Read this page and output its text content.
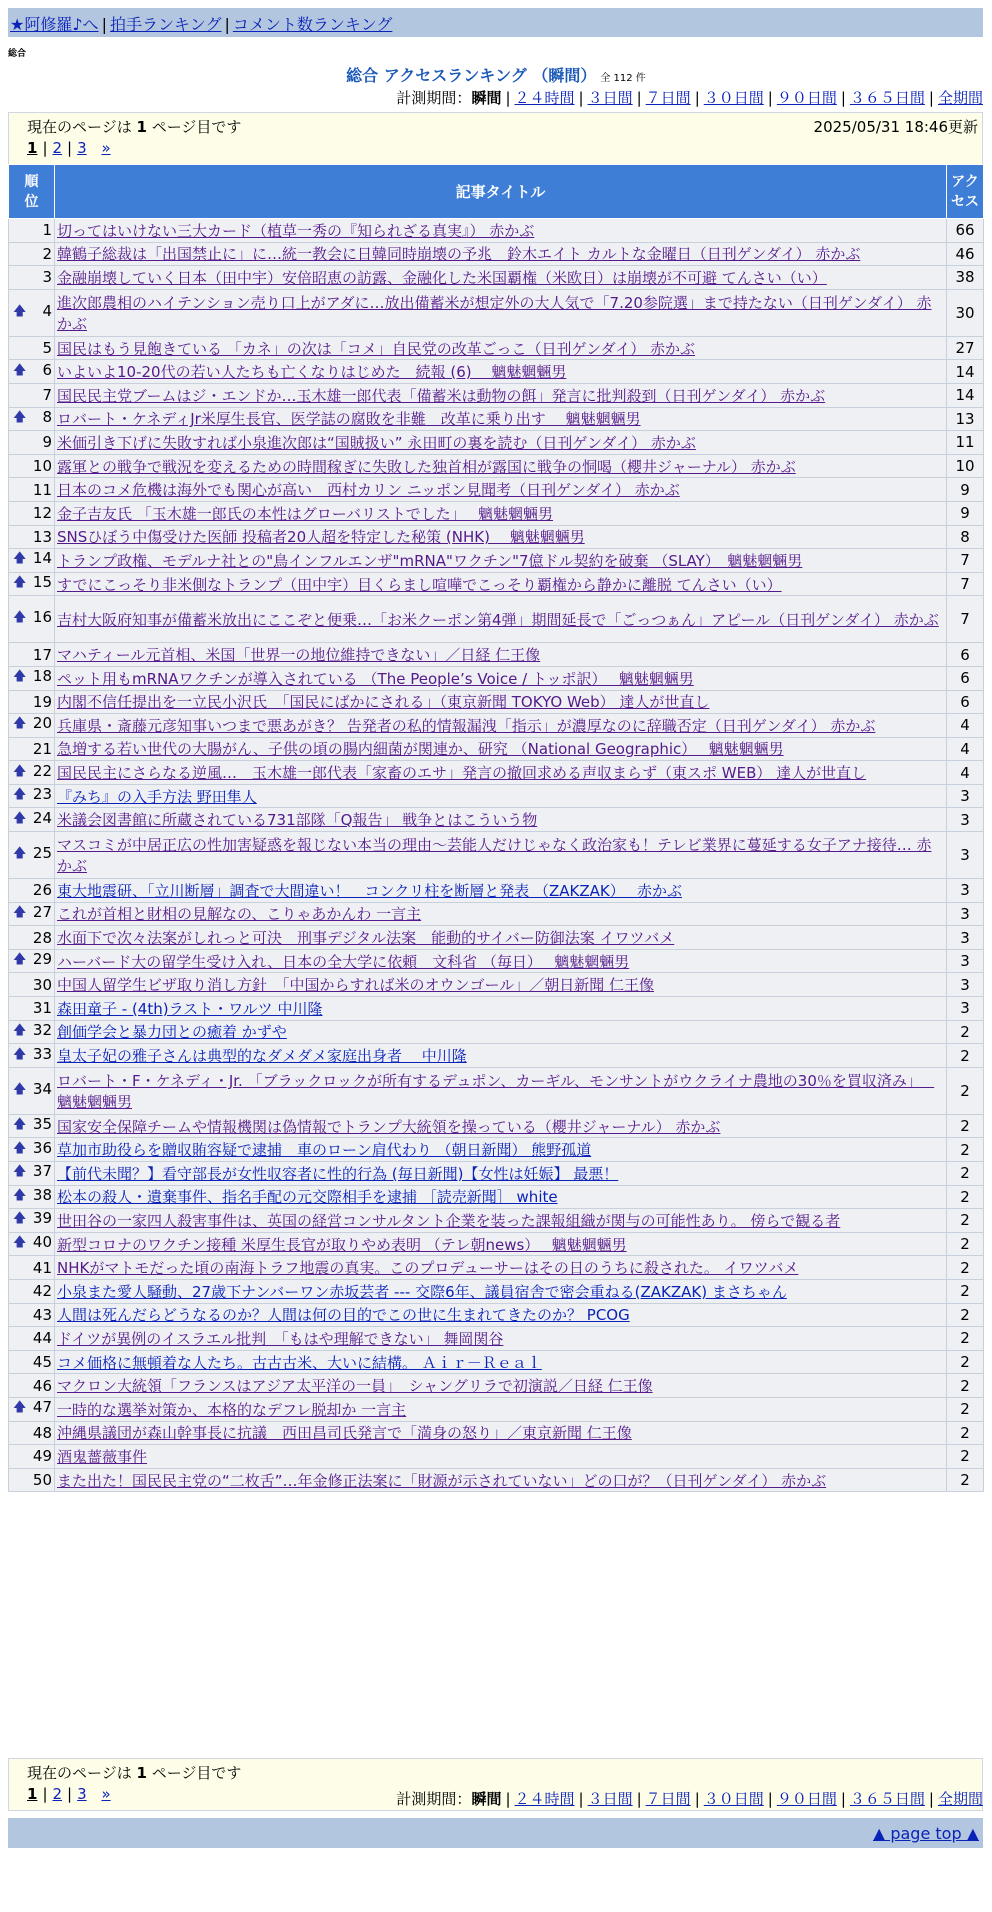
★阿修羅♪へ | 拍手ランキング | コメント数ランキング
総合
総合 アクセスランキング （瞬間） 全 112 件
計測期間：瞬間 | ２４時間 | ３日間 | ７日間 | ３０日間 | ９０日間 | ３６５日間 | 全期間
現在のページは 1 ページ目です	2025/05/31 18:46更新
1 | 2 | 3 »
順位	記事タイトル	アクセス
1	切ってはいけない三大カード（植草一秀の『知られざる真実』） 赤かぶ	66
2	韓鶴子総裁は「出国禁止に」に…統一教会に日韓同時崩壊の予兆　鈴木エイト カルトな金曜日（日刊ゲンダイ） 赤かぶ	46
3	金融崩壊していく日本（田中宇）安倍昭恵の訪露、金融化した米国覇権（米欧日）は崩壊が不可避 てんさい（い）	38

🡅 4	進次郎農相のハイテンション売り口上がアダに…放出備蓄米が想定外の大人気で「7.20参院選」まで持たない（日刊ゲンダイ） 赤かぶ	30
5	国民はもう見飽きている 「カネ」の次は「コメ」自民党の改革ごっこ（日刊ゲンダイ） 赤かぶ	27

🡅 6	いよいよ10-20代の若い人たちも亡くなりはじめた　続報 (6)　 魑魅魍魎男	14
7	国民民主党ブームはジ・エンドか…玉木雄一郎代表「備蓄米は動物の餌」発言に批判殺到（日刊ゲンダイ） 赤かぶ	14

🡅 8	ロバート・ケネディJr米厚生長官、医学誌の腐敗を非難　改革に乗り出す　 魑魅魍魎男	13
9	米価引き下げに失敗すれば小泉進次郎は“国賊扱い” 永田町の裏を読む（日刊ゲンダイ） 赤かぶ	11
10	露軍との戦争で戦況を変えるための時間稼ぎに失敗した独首相が露国に戦争の恫喝（櫻井ジャーナル） 赤かぶ	10
11	日本のコメ危機は海外でも関心が高い　西村カリン ニッポン見聞考（日刊ゲンダイ） 赤かぶ	9
12	金子吉友氏 「玉木雄一郎氏の本性はグローバリストでした」　 魑魅魍魎男	9
13	SNSひぼう中傷受けた医師 投稿者20人超を特定した秘策 (NHK)　 魑魅魍魎男	8

🡅 14	トランプ政権、モデルナ社との"鳥インフルエンザ"mRNA"ワクチン"7億ドル契約を破棄 （SLAY）　魑魅魍魎男	7

🡅 15	すでにこっそり非米側なトランプ（田中宇）目くらまし喧嘩でこっそり覇権から静かに離脱 てんさい（い）	7

🡅 16	吉村大阪府知事が備蓄米放出にここぞと便乗…「お米クーポン第4弾」期間延長で「ごっつぁん」アピール（日刊ゲンダイ） 赤かぶ	7
17	マハティール元首相、米国「世界一の地位維持できない」／日経 仁王像	6

🡅 18	ペット用もmRNAワクチンが導入されている （The People’s Voice / トッポ訳）　 魑魅魍魎男	6
19	内閣不信任提出を一立民小沢氏　「国民にばかにされる」（東京新聞 TOKYO Web） 達人が世直し	6

🡅 20	兵庫県・斎藤元彦知事いつまで悪あがき？ 告発者の私的情報漏洩「指示」が濃厚なのに辞職否定（日刊ゲンダイ） 赤かぶ	4
21	急増する若い世代の大腸がん、子供の頃の腸内細菌が関連か、研究 （National Geographic）　 魑魅魍魎男	4

🡅 22	国民民主にさらなる逆風…　玉木雄一郎代表「家畜のエサ」発言の撤回求める声収まらず（東スポ WEB） 達人が世直し	4

🡅 23	『みち』の入手方法 野田隼人	3

🡅 24	米議会図書館に所蔵されている731部隊「Q報告」 戦争とはこういう物	3

🡅 25	マスコミが中居正広の性加害疑惑を報じない本当の理由〜芸能人だけじゃなく政治家も！テレビ業界に蔓延する女子アナ接待… 赤かぶ	3
26	東大地震研、「立川断層」調査で大間違い！　コンクリ柱を断層と発表 （ZAKZAK）　 赤かぶ	3

🡅 27	これが首相と財相の見解なの、こりゃあかんわ 一言主	3
28	水面下で次々法案がしれっと可決　刑事デジタル法案　能動的サイバー防御法案 イワツバメ	3

🡅 29	ハーバード大の留学生受け入れ、日本の全大学に依頼　文科省 （毎日）　 魑魅魍魎男	3
30	中国人留学生ビザ取り消し方針　「中国からすれば米のオウンゴール」／朝日新聞 仁王像	3
31	森田童子 - (4th)ラスト・ワルツ 中川隆	3

🡅 32	創価学会と暴力団との癒着 かずや	2

🡅 33	皇太子妃の雅子さんは典型的なダメダメ家庭出身者　 中川隆	2

🡅 34	ロバート・F・ケネディ・Jr. 「ブラックロックが所有するデュポン、カーギル、モンサントがウクライナ農地の30％を買収済み」　 魑魅魍魎男	2

🡅 35	国家安全保障チームや情報機関は偽情報でトランプ大統領を操っている（櫻井ジャーナル） 赤かぶ	2

🡅 36	草加市助役らを贈収賄容疑で逮捕　車のローン肩代わり （朝日新聞） 熊野孤道	2

🡅 37	【前代未聞？】看守部長が女性収容者に性的行為 (毎日新聞)【女性は妊娠】 最悪！	2

🡅 38	松本の殺人・遺棄事件、指名手配の元交際相手を逮捕 ［読売新聞］ white	2

🡅 39	世田谷の一家四人殺害事件は、英国の経営コンサルタント企業を装った課報組織が関与の可能性あり。 傍らで観る者	2

🡅 40	新型コロナのワクチン接種 米厚生長官が取りやめ表明 （テレ朝news）　 魑魅魍魎男	2
41	NHKがマトモだった頃の南海トラフ地震の真実。このプロデューサーはその日のうちに殺された。 イワツバメ	2
42	小泉また愛人騒動、27歳下ナンバーワン赤坂芸者 --- 交際6年、議員宿舎で密会重ねる(ZAKZAK) まさちゃん	2
43	人間は死んだらどうなるのか？人間は何の目的でこの世に生まれてきたのか？ PCOG	2
44	ドイツが異例のイスラエル批判　「もはや理解できない」 舞岡関谷	2
45	コメ価格に無頓着な人たち。古古古米、大いに結構。 Ａｉｒ－Ｒｅａｌ	2
46	マクロン大統領「フランスはアジア太平洋の一員」　シャングリラで初演説／日経 仁王像	2

🡅 47	一時的な選挙対策か、本格的なデフレ脱却か 一言主	2
48	沖縄県議団が森山幹事長に抗議　西田昌司氏発言で「満身の怒り」／東京新聞 仁王像	2
49	酒鬼薔薇事件	2
50	また出た！国民民主党の“二枚舌”…年金修正法案に「財源が示されていない」どの口が？（日刊ゲンダイ） 赤かぶ	2
現在のページは 1 ページ目です
1 | 2 | 3 »	計測期間：瞬間 | ２４時間 | ３日間 | ７日間 | ３０日間 | ９０日間 | ３６５日間 | 全期間
▲ page top ▲
